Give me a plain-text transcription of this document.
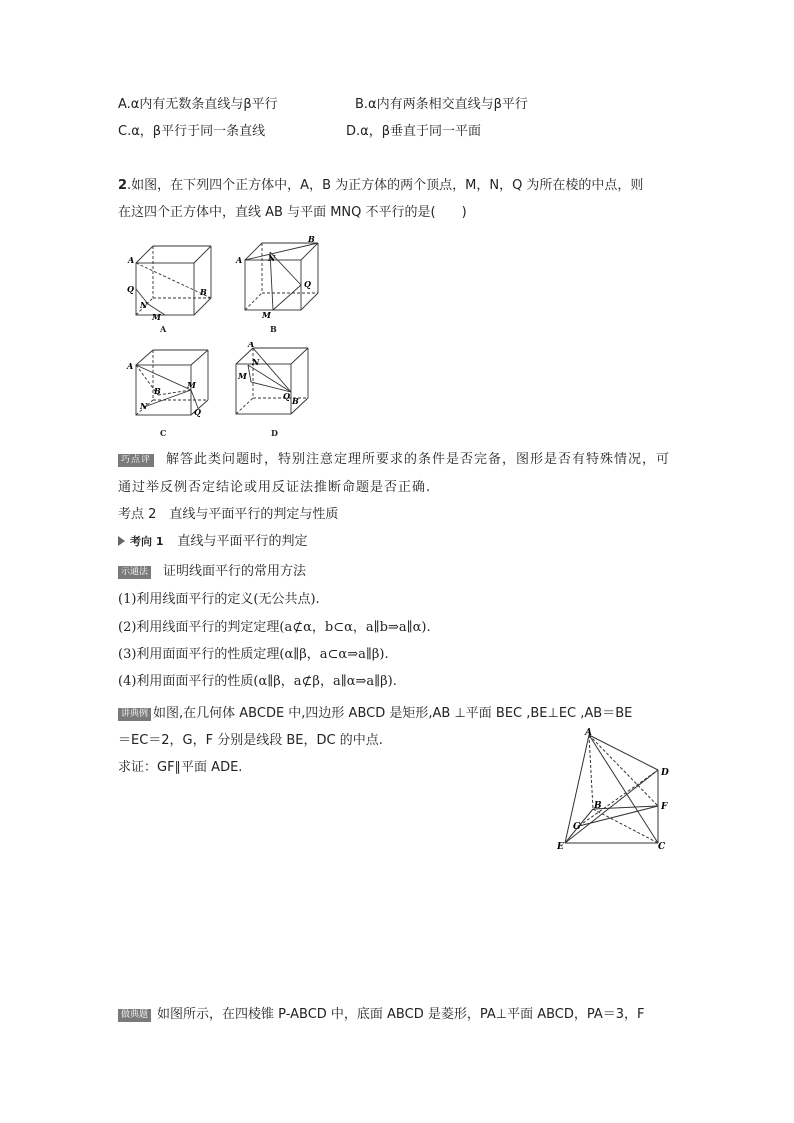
A.α内有无数条直线与β平行	B.α内有两条相交直线与β平行
C.α，β平行于同一条直线	D.α，β垂直于同一平面
2.如图，在下列四个正方体中，A，B 为正方体的两个顶点，M，N，Q 为所在棱的中点，则
在这四个正方体中，直线 AB 与平面 MNQ 不平行的是(　　)
A
Q
N
M
B
A
A
B
N
Q
M
B
A
B
N
M
Q
C
A
N
M
Q B
D
巧点评 解答此类问题时，特别注意定理所要求的条件是否完备，图形是否有特殊情况，可
通过举反例否定结论或用反证法推断命题是否正确.
考点 2　直线与平面平行的判定与性质
考向 1 直线与平面平行的判定
示通法 证明线面平行的常用方法
(1)利用线面平行的定义(无公共点).
(2)利用线面平行的判定定理(a⊄α，b⊂α，a∥b⇒a∥α).
(3)利用面面平行的性质定理(α∥β，a⊂α⇒a∥β).
(4)利用面面平行的性质(α∥β，a⊄β，a∥α⇒a∥β).
讲典例 如图,在几何体 ABCDE 中,四边形 ABCD 是矩形,AB ⊥平面 BEC ,BE⊥EC ,AB＝BE
＝EC＝2，G，F 分别是线段 BE，DC 的中点.
求证：GF∥平面 ADE.
A
D
F
B
G
E	C
做典题 如图所示，在四棱锥 P-ABCD 中，底面 ABCD 是菱形，PA⊥平面 ABCD，PA＝3，F
